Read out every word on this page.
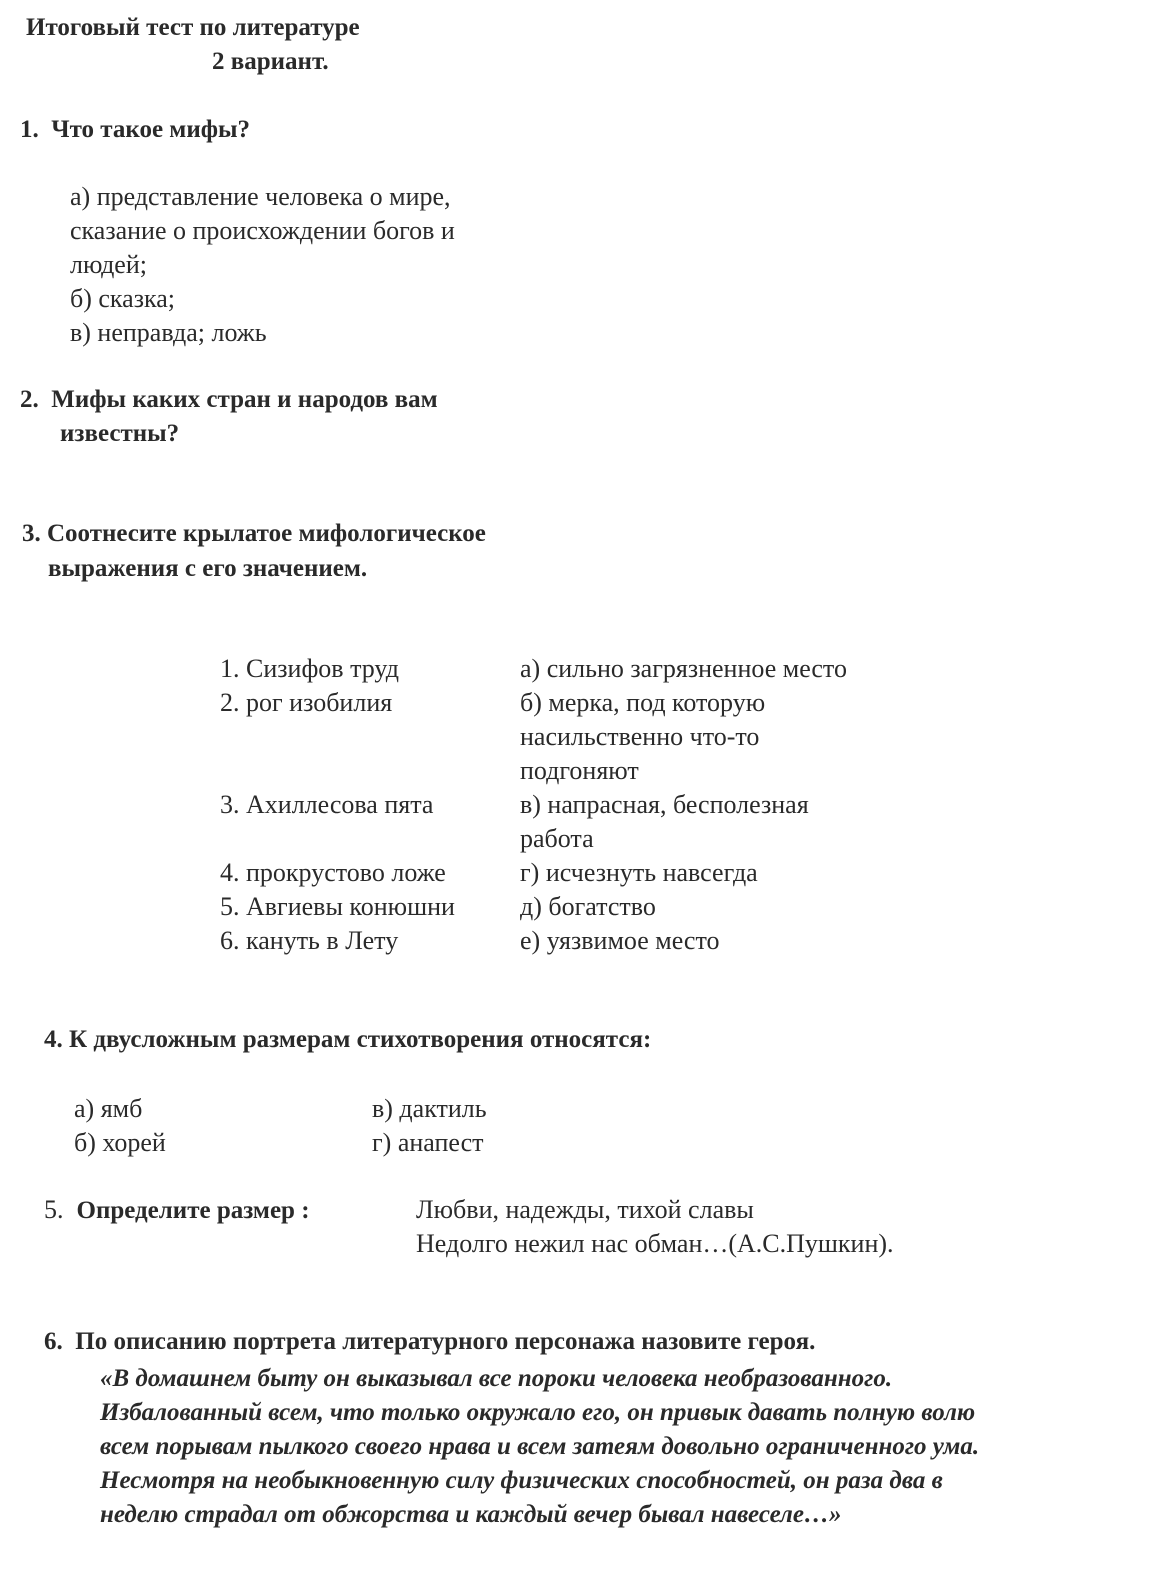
Итоговый тест по литературе
2 вариант.
1. Что такое мифы?
а) представление человека о мире,
сказание о происхождении богов и
людей;
б) сказка;
в) неправда; ложь
2. Мифы каких стран и народов вам
известны?
3. Соотнесите крылатое мифологическое
выражения с его значением.
1. Сизифов труд
2. рог изобилия
3. Ахиллесова пята
4. прокрустово ложе
5. Авгиевы конюшни
6. кануть в Лету
а) сильно загрязненное место
б) мерка, под которую
насильственно что-то
подгоняют
в) напрасная, бесполезная
работа
г) исчезнуть навсегда
д) богатство
е) уязвимое место
4. К двусложным размерам стихотворения относятся:
а) ямб
б) хорей
в) дактиль
г) анапест
5. Определите размер :	Любви, надежды, тихой славы
Недолго нежил нас обман…(А.С.Пушкин).
6. По описанию портрета литературного персонажа назовите героя.
«В домашнем быту он выказывал все пороки человека необразованного.
Избалованный всем, что только окружало его, он привык давать полную волю
всем порывам пылкого своего нрава и всем затеям довольно ограниченного ума.
Несмотря на необыкновенную силу физических способностей, он раза два в
неделю страдал от обжорства и каждый вечер бывал навеселе…»
